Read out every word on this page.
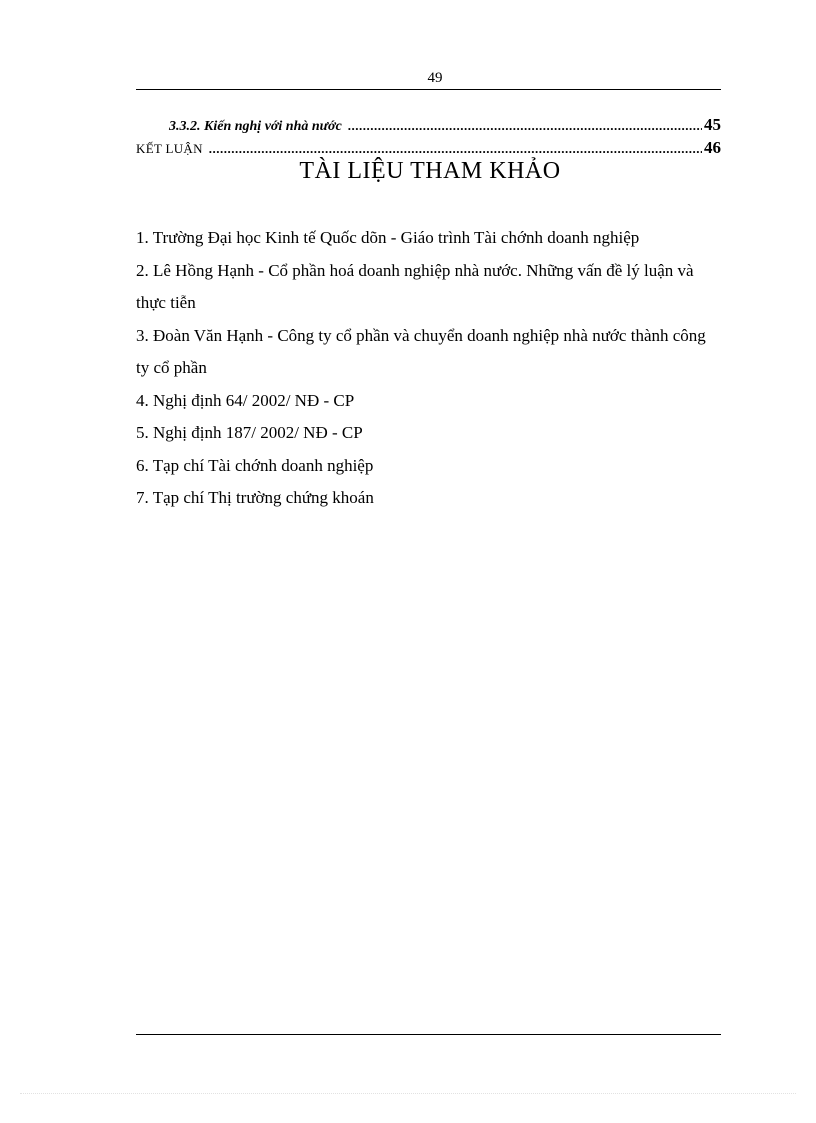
49
3.3.2. Kiến nghị với nhà nước .....	45
KẾT LUẬN .....	46
TÀI LIỆU THAM KHẢO
1. Trường Đại học Kinh tế Quốc dõn - Giáo trình Tài chớnh doanh nghiệp
2. Lê Hồng Hạnh - Cổ phần hoá doanh nghiệp nhà nước. Những vấn đề lý luận và thực tiễn
3. Đoàn Văn Hạnh - Công ty cổ phần và chuyển doanh nghiệp nhà nước thành công ty cổ phần
4. Nghị định 64/ 2002/ NĐ - CP
5. Nghị định 187/ 2002/ NĐ - CP
6. Tạp chí Tài chớnh doanh nghiệp
7. Tạp chí Thị trường chứng khoán
